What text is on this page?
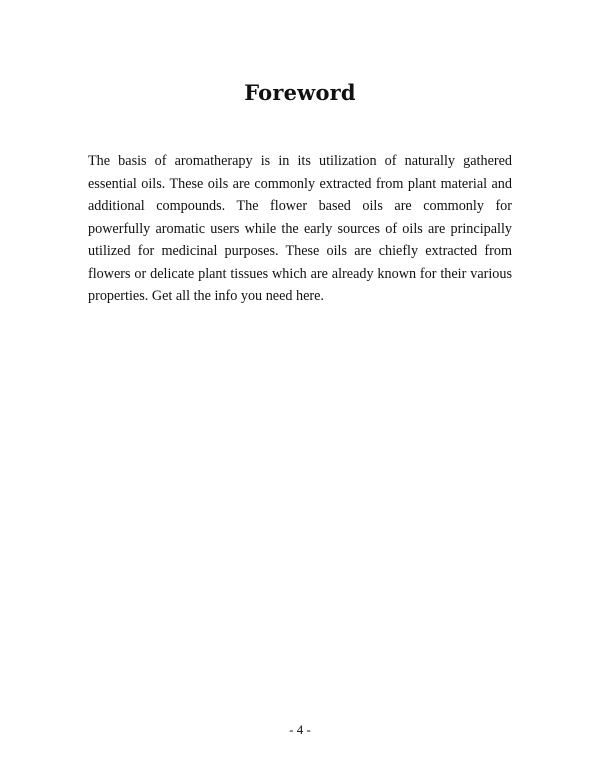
Foreword

The basis of aromatherapy is in its utilization of naturally gathered essential oils. These oils are commonly extracted from plant material and additional compounds. The flower based oils are commonly for powerfully aromatic users while the early sources of oils are principally utilized for medicinal purposes. These oils are chiefly extracted from flowers or delicate plant tissues which are already known for their various properties. Get all the info you need here.

- 4 -
